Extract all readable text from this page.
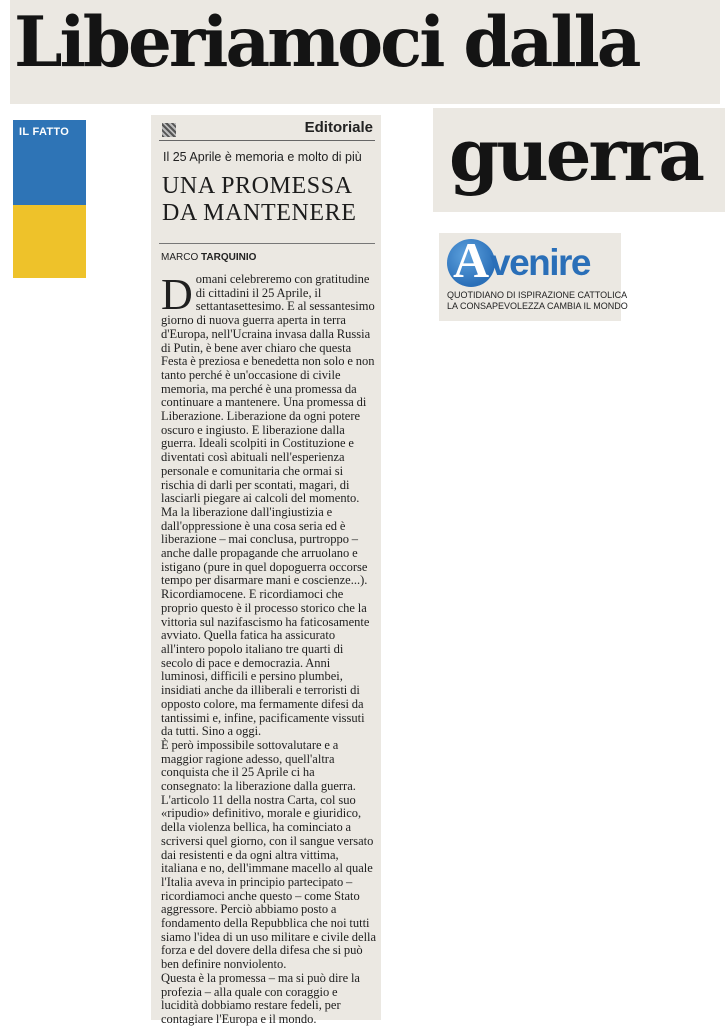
Liberiamoci dalla
guerra
IL FATTO	Editoriale
Il 25 Aprile è memoria e molto di più
UNA PROMESSA
DA MANTENERE
MARCO TARQUINIO

Domani celebreremo con gratitudine di cittadini il 25 Aprile, il settantasettesimo. E al sessantesimo giorno di nuova guerra aperta in terra d'Europa, nell'Ucraina invasa dalla Russia di Putin, è bene aver chiaro che questa Festa è preziosa e benedetta non solo e non tanto perché è un'occasione di civile memoria, ma perché è una promessa da continuare a mantenere. Una promessa di Liberazione. Liberazione da ogni potere oscuro e ingiusto. E liberazione dalla guerra. Ideali scolpiti in Costituzione e diventati così abituali nell'esperienza personale e comunitaria che ormai si rischia di darli per scontati, magari, di lasciarli piegare ai calcoli del momento.

Ma la liberazione dall'ingiustizia e dall'oppressione è una cosa seria ed è liberazione – mai conclusa, purtroppo – anche dalle propagande che arruolano e istigano (pure in quel dopoguerra occorse tempo per disarmare mani e coscienze...). Ricordiamocene. E ricordiamoci che proprio questo è il processo storico che la vittoria sul nazifascismo ha faticosamente avviato. Quella fatica ha assicurato all'intero popolo italiano tre quarti di secolo di pace e democrazia. Anni luminosi, difficili e persino plumbei, insidiati anche da illiberali e terroristi di opposto colore, ma fermamente difesi da tantissimi e, infine, pacificamente vissuti da tutti. Sino a oggi.

È però impossibile sottovalutare e a maggior ragione adesso, quell'altra conquista che il 25 Aprile ci ha consegnato: la liberazione dalla guerra. L'articolo 11 della nostra Carta, col suo «ripudio» definitivo, morale e giuridico, della violenza bellica, ha cominciato a scriversi quel giorno, con il sangue versato dai resistenti e da ogni altra vittima, italiana e no, dell'immane macello al quale l'Italia aveva in principio partecipato – ricordiamoci anche questo – come Stato aggressore. Perciò abbiamo posto a fondamento della Repubblica che noi tutti siamo l'idea di un uso militare e civile della forza e del dovere della difesa che si può ben definire nonviolento.

Questa è la promessa – ma si può dire la profezia – alla quale con coraggio e lucidità dobbiamo restare fedeli, per contagiare l'Europa e il mondo.

A venire
QUOTIDIANO DI ISPIRAZIONE CATTOLICA
LA CONSAPEVOLEZZA CAMBIA IL MONDO
